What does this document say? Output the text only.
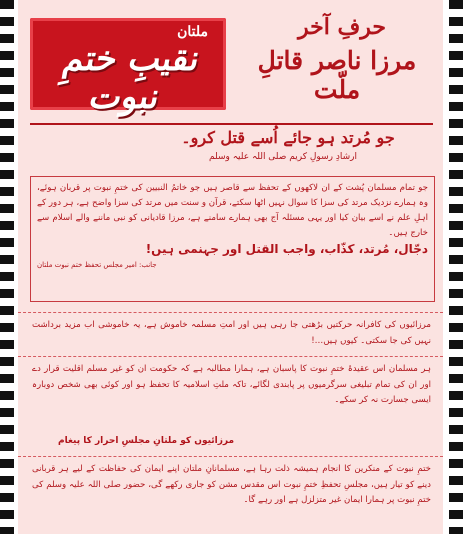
ملتان
نقیبِ ختمِ نبوت
حرفِ آخر
مرزا ناصر قاتلِ ملّت
جو مُرتد ہو جائے اُسے قتل کرو۔
ارشادِ رسولِ کریم صلی اللہ علیہ وسلم
جو تمام مسلمان پُشت کے ان لاکھوں کے تحفظ سے قاصر ہیں جو خاتمُ النبیین کی ختمِ نبوت پر قربان ہوئے، وہ ہمارے نزدیک مرتد کی سزا کا سوال نہیں اٹھا سکتے، قرآن و سنت میں مرتد کی سزا واضح ہے، ہر دور کے اہلِ علم نے اسے بیان کیا اور یہی مسئلہ آج بھی ہمارے سامنے ہے، مرزا قادیانی کو نبی ماننے والے اسلام سے خارج ہیں۔
دجّال، مُرتد، کذّاب، واجب القتل اور جہنمی ہیں!
جانب: امیر مجلس تحفظ ختم نبوت ملتان
مرزائیوں کی کافرانہ حرکتیں بڑھتی جا رہی ہیں اور امتِ مسلمہ خاموش ہے، یہ خاموشی اب مزید برداشت نہیں کی جا سکتی۔ کیوں ہیں…!
ہر مسلمان اس عقیدۂ ختمِ نبوت کا پاسبان ہے، ہمارا مطالبہ ہے کہ حکومت ان کو غیر مسلم اقلیت قرار دے اور ان کی تمام تبلیغی سرگرمیوں پر پابندی لگائے، تاکہ ملتِ اسلامیہ کا تحفظ ہو اور کوئی بھی شخص دوبارہ ایسی جسارت نہ کر سکے۔
مرزائیوں کو ملتانِ مجلسِ احرار کا پیغام
ختمِ نبوت کے منکرین کا انجام ہمیشہ ذلت رہا ہے، مسلمانانِ ملتان اپنے ایمان کی حفاظت کے لیے ہر قربانی دینے کو تیار ہیں، مجلسِ تحفظِ ختمِ نبوت اس مقدس مشن کو جاری رکھے گی، حضور صلی اللہ علیہ وسلم کی ختمِ نبوت پر ہمارا ایمان غیر متزلزل ہے اور رہے گا۔
